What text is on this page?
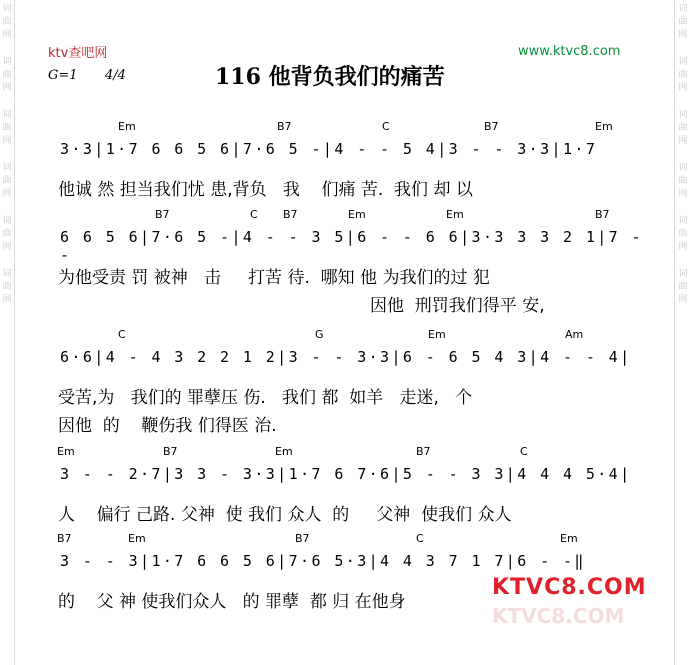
词
曲
网
词
曲
网
词
曲
网
词
曲
网
词
曲
网
词
曲
网
词
曲
网
词
曲
网
词
曲
网
词
曲
网
词
曲
网
词
曲
网
ktv查吧网	www.ktvc8.com
G=1 4/4	116 他背负我们的痛苦
Em	B7	C	B7	Em
3·3|1·7 6 6 5 6|7·6 5 -|4 - - 5 4|3 - - 3·3|1·7
他诚 然 担当我们忧 患,背负   我    们痛 苦.  我们 却 以
B7	C B7	Em	Em	B7
6 6 5 6|7·6 5 -|4 - - 3 5|6 - - 6 6|3·3 3 3 2 1|7 - -
为他受责 罚 被神   击     打苦 待.  哪知 他 为我们的过 犯
因他  刑罚我们得平 安,
C	G	Em	Am
6·6|4 - 4 3 2 2 1 2|3 - - 3·3|6 - 6 5 4 3|4 - - 4|
受苦,为   我们的 罪孽压 伤.   我们 都  如羊   走迷,   个
因他  的    鞭伤我 们得医 治.
Em	B7	Em	B7	C
3 - - 2·7|3 3 - 3·3|1·7 6 7·6|5 - - 3 3|4 4 4 5·4|
人    偏行 己路. 父神  使 我们 众人  的     父神  使我们 众人
B7	Em	B7	C	Em
3 - - 3|1·7 6 6 5 6|7·6 5·3|4 4 3 7 1 7|6 - -‖
的    父 神 使我们众人   的 罪孽  都 归 在他身
KTVC8.COM
KTVC8.COM
